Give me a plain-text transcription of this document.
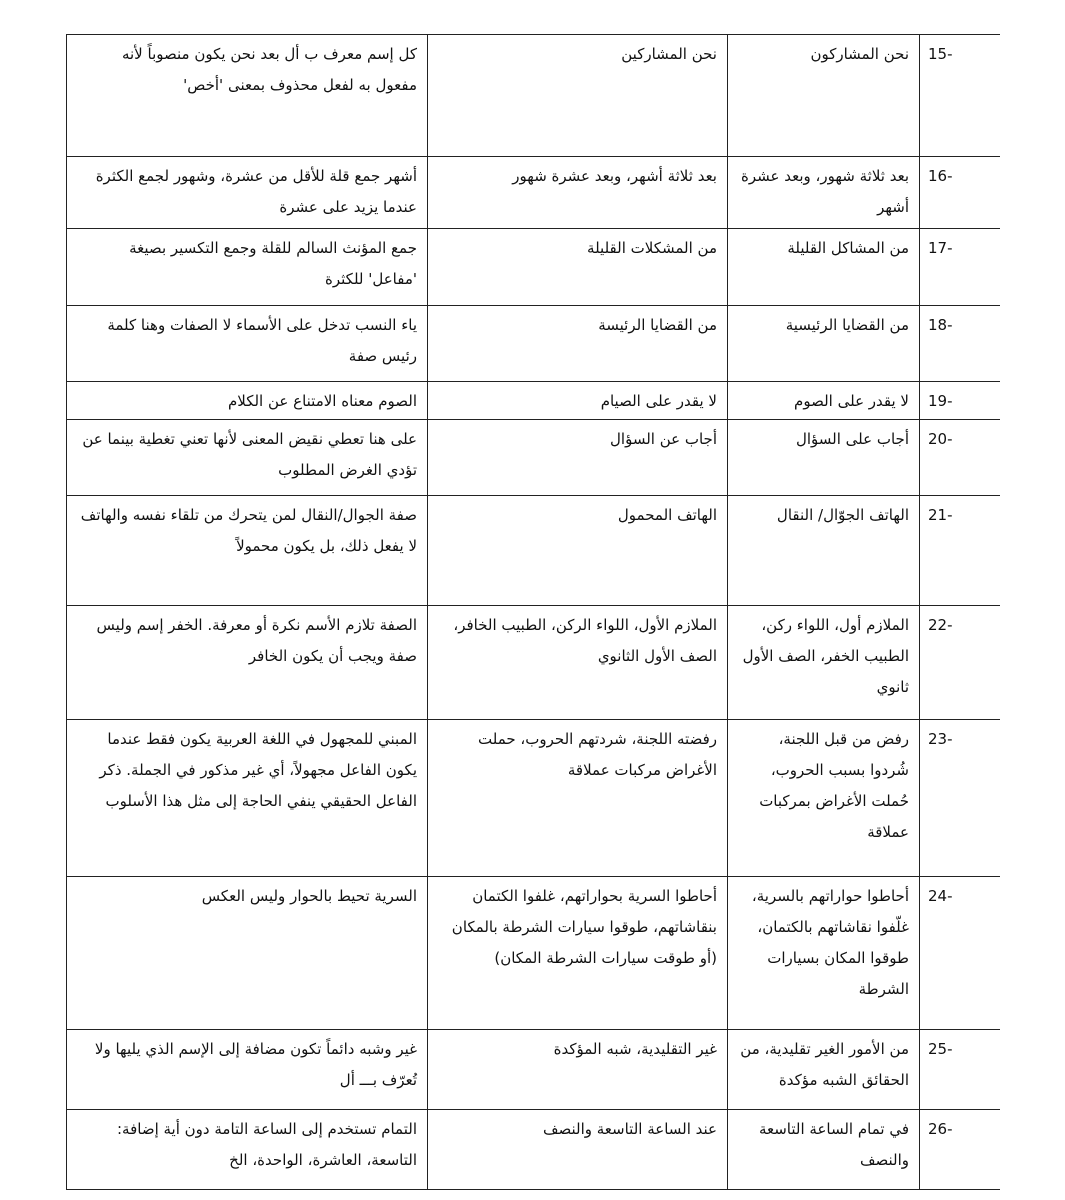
15-	نحن المشاركون	نحن المشاركين	كل إسم معرف ب أل بعد نحن يكون منصوباً لأنه مفعول به لفعل محذوف بمعنى 'أخص'
16-	بعد ثلاثة شهور، وبعد عشرة أشهر	بعد ثلاثة أشهر، وبعد عشرة شهور	أشهر جمع قلة للأقل من عشرة، وشهور لجمع الكثرة عندما يزيد على عشرة
17-	من المشاكل القليلة	من المشكلات القليلة	جمع المؤنث السالم للقلة وجمع التكسير بصيغة 'مفاعل' للكثرة
18-	من القضايا الرئيسية	من القضايا الرئيسة	ياء النسب تدخل على الأسماء لا الصفات وهنا كلمة رئيس صفة
19-	لا يقدر على الصوم	لا يقدر على الصيام	الصوم معناه الامتناع عن الكلام
20-	أجاب على السؤال	أجاب عن السؤال	على هنا تعطي نقيض المعنى لأنها تعني تغطية بينما عن تؤدي الغرض المطلوب
21-	الهاتف الجوّال/ النقال	الهاتف المحمول	صفة الجوال/النقال لمن يتحرك من تلقاء نفسه والهاتف لا يفعل ذلك، بل يكون محمولاً
22-	الملازم أول، اللواء ركن، الطبيب الخفر، الصف الأول ثانوي	الملازم الأول، اللواء الركن، الطبيب الخافر، الصف الأول الثانوي	الصفة تلازم الأسم نكرة أو معرفة. الخفر إسم وليس صفة ويجب أن يكون الخافر
23-	رفض من قبل اللجنة، شُردوا بسبب الحروب، حُملت الأغراض بمركبات عملاقة	رفضته اللجنة، شردتهم الحروب، حملت الأغراض مركبات عملاقة	المبني للمجهول في اللغة العربية يكون فقط عندما يكون الفاعل مجهولاً، أي غير مذكور في الجملة. ذكر الفاعل الحقيقي ينفي الحاجة إلى مثل هذا الأسلوب
24-	أحاطوا حواراتهم بالسرية، غلّفوا نقاشاتهم بالكتمان، طوقوا المكان بسيارات الشرطة	أحاطوا السرية بحواراتهم، غلفوا الكتمان بنقاشاتهم، طوقوا سيارات الشرطة بالمكان (أو طوقت سيارات الشرطة المكان)	السرية تحيط بالحوار وليس العكس
25-	من الأمور الغير تقليدية، من الحقائق الشبه مؤكدة	غير التقليدية، شبه المؤكدة	غير وشبه دائماً تكون مضافة إلى الإسم الذي يليها ولا تُعرّف بـــ أل
26-	في تمام الساعة التاسعة والنصف	عند الساعة التاسعة والنصف	التمام تستخدم إلى الساعة التامة دون أية إضافة: التاسعة، العاشرة، الواحدة، الخ
